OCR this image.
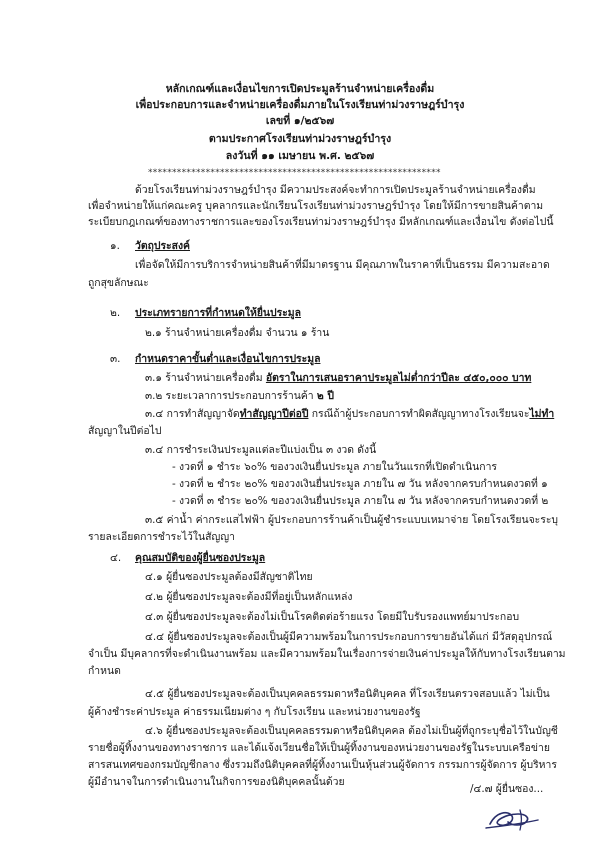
หลักเกณฑ์และเงื่อนไขการเปิดประมูลร้านจำหน่ายเครื่องดื่ม
เพื่อประกอบการและจำหน่ายเครื่องดื่มภายในโรงเรียนท่าม่วงราษฎร์บำรุง
เลขที่ ๑/๒๕๖๗
ตามประกาศโรงเรียนท่าม่วงราษฎร์บำรุง
ลงวันที่ ๑๑ เมษายน พ.ศ. ๒๕๖๗
*************************************************************
ด้วยโรงเรียนท่าม่วงราษฎร์บำรุง มีความประสงค์จะทำการเปิดประมูลร้านจำหน่ายเครื่องดื่ม
เพื่อจำหน่ายให้แก่คณะครู บุคลากรและนักเรียนโรงเรียนท่าม่วงราษฎร์บำรุง โดยให้มีการขายสินค้าตาม
ระเบียบกฎเกณฑ์ของทางราชการและของโรงเรียนท่าม่วงราษฎร์บำรุง มีหลักเกณฑ์และเงื่อนไข ดังต่อไปนี้
๑. วัตถุประสงค์
เพื่อจัดให้มีการบริการจำหน่ายสินค้าที่มีมาตรฐาน มีคุณภาพในราคาที่เป็นธรรม มีความสะอาด
ถูกสุขลักษณะ
๒. ประเภทรายการที่กำหนดให้ยื่นประมูล
๒.๑ ร้านจำหน่ายเครื่องดื่ม จำนวน ๑ ร้าน
๓. กำหนดราคาขั้นต่ำและเงื่อนไขการประมูล
๓.๑ ร้านจำหน่ายเครื่องดื่ม อัตราในการเสนอราคาประมูลไม่ต่ำกว่าปีละ ๔๕๐,๐๐๐ บาท
๓.๒ ระยะเวลาการประกอบการร้านค้า ๒ ปี
๓.๔ การทำสัญญาจัดทำสัญญาปีต่อปี กรณีถ้าผู้ประกอบการทำผิดสัญญาทางโรงเรียนจะไม่ทำ
สัญญาในปีต่อไป
๓.๔ การชำระเงินประมูลแต่ละปีแบ่งเป็น ๓ งวด ดังนี้
- งวดที่ ๑ ชำระ ๖๐% ของวงเงินยื่นประมูล ภายในวันแรกที่เปิดดำเนินการ
- งวดที่ ๒ ชำระ ๒๐% ของวงเงินยื่นประมูล ภายใน ๗ วัน หลังจากครบกำหนดงวดที่ ๑
- งวดที่ ๓ ชำระ ๒๐% ของวงเงินยื่นประมูล ภายใน ๗ วัน หลังจากครบกำหนดงวดที่ ๒
๓.๕ ค่าน้ำ ค่ากระแสไฟฟ้า ผู้ประกอบการร้านค้าเป็นผู้ชำระแบบเหมาจ่าย โดยโรงเรียนจะระบุ
รายละเอียดการชำระไว้ในสัญญา
๔. คุณสมบัติของผู้ยื่นซองประมูล
๔.๑ ผู้ยื่นซองประมูลต้องมีสัญชาติไทย
๔.๒ ผู้ยื่นซองประมูลจะต้องมีที่อยู่เป็นหลักแหล่ง
๔.๓ ผู้ยื่นซองประมูลจะต้องไม่เป็นโรคติดต่อร้ายแรง โดยมีใบรับรองแพทย์มาประกอบ
๔.๔ ผู้ยื่นซองประมูลจะต้องเป็นผู้มีความพร้อมในการประกอบการขายอันได้แก่ มีวัสดุอุปกรณ์
จำเป็น มีบุคลากรที่จะดำเนินงานพร้อม และมีความพร้อมในเรื่องการจ่ายเงินค่าประมูลให้กับทางโรงเรียนตาม
กำหนด
๔.๕ ผู้ยื่นซองประมูลจะต้องเป็นบุคคลธรรมดาหรือนิติบุคคล ที่โรงเรียนตรวจสอบแล้ว ไม่เป็น
ผู้ค้างชำระค่าประมูล ค่าธรรมเนียมต่าง ๆ กับโรงเรียน และหน่วยงานของรัฐ
๔.๖ ผู้ยื่นซองประมูลจะต้องเป็นบุคคลธรรมดาหรือนิติบุคคล ต้องไม่เป็นผู้ที่ถูกระบุชื่อไว้ในบัญชี
รายชื่อผู้ทิ้งงานของทางราชการ และได้แจ้งเวียนชื่อให้เป็นผู้ทิ้งงานของหน่วยงานของรัฐในระบบเครือข่าย
สารสนเทศของกรมบัญชีกลาง ซึ่งรวมถึงนิติบุคคลที่ผู้ทิ้งงานเป็นหุ้นส่วนผู้จัดการ กรรมการผู้จัดการ ผู้บริหาร
ผู้มีอำนาจในการดำเนินงานในกิจการของนิติบุคคลนั้นด้วย
/๔.๗ ผู้ยื่นซอง...
